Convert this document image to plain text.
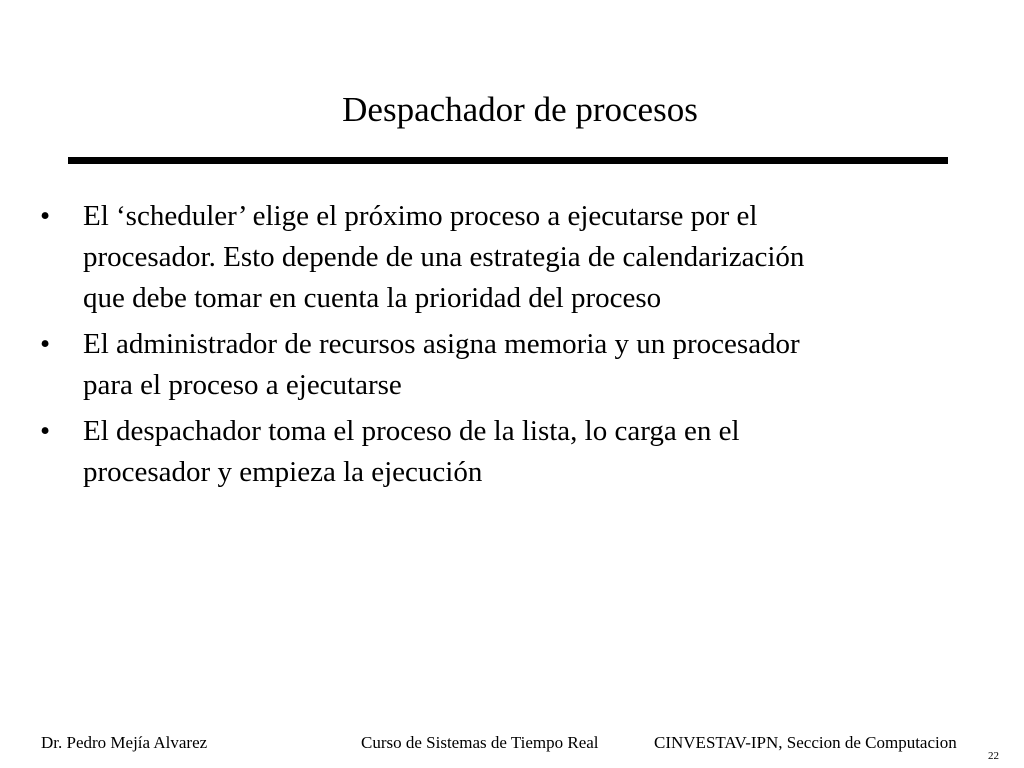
Despachador de procesos
• El ‘scheduler’ elige el próximo proceso a ejecutarse por el
procesador. Esto depende de una estrategia de calendarización
que debe tomar en cuenta la prioridad del proceso
• El administrador de recursos asigna memoria y un procesador
para el proceso a ejecutarse
• El despachador toma el proceso de la lista, lo carga en el
procesador y empieza la ejecución
Dr. Pedro Mejía Alvarez	Curso de Sistemas de Tiempo Real	CINVESTAV-IPN, Seccion de Computacion
22
